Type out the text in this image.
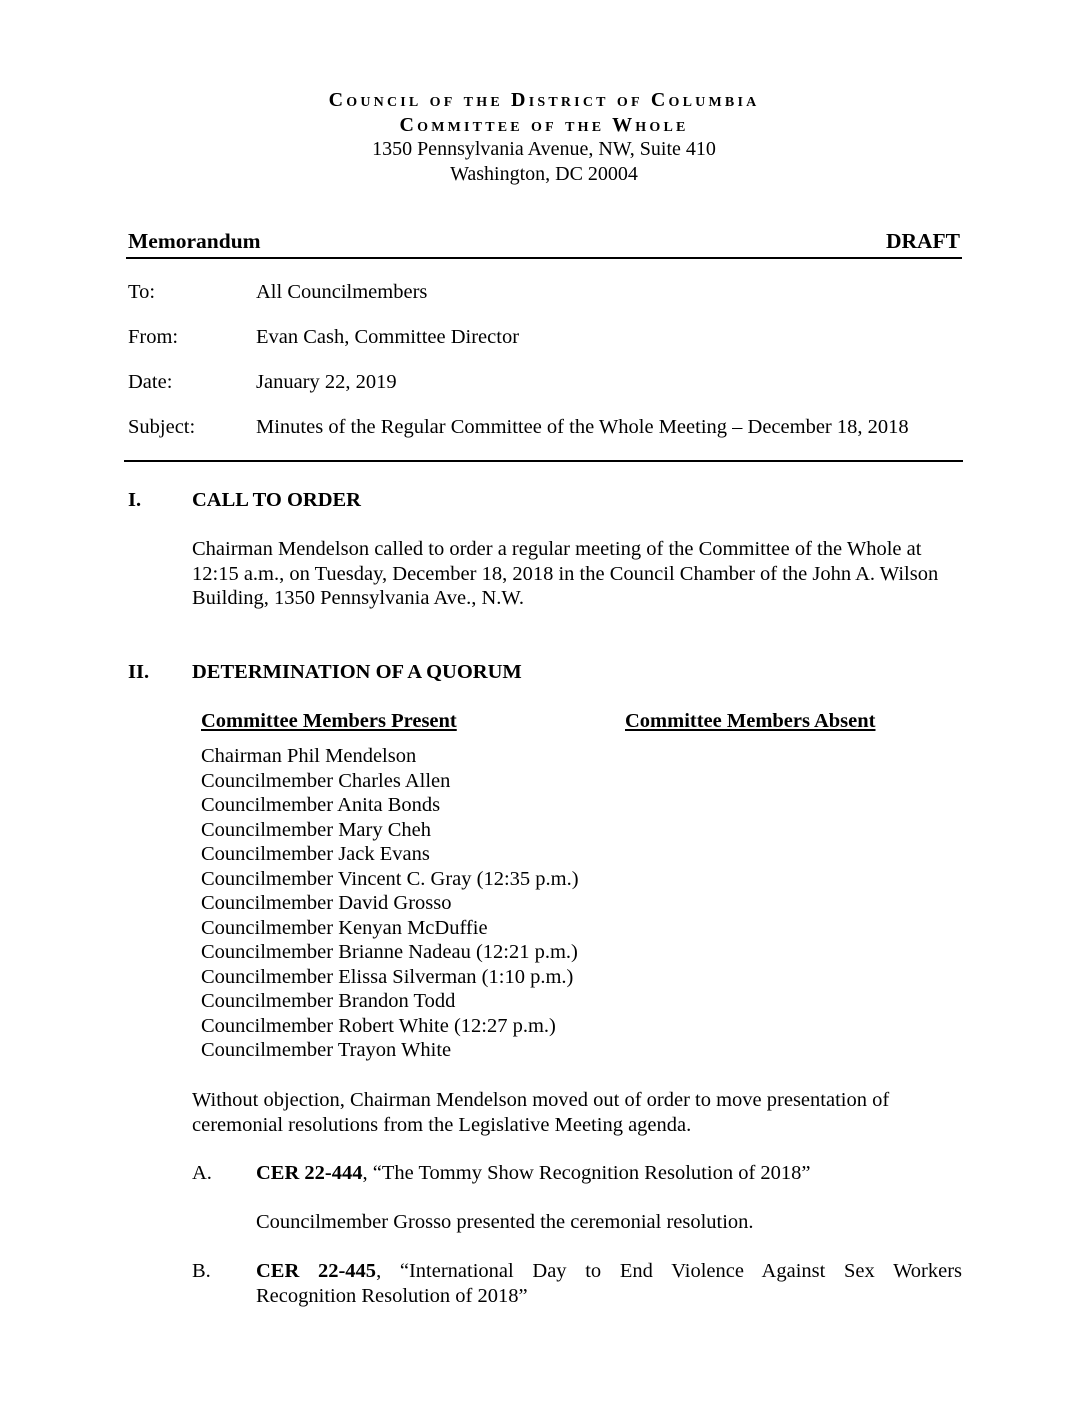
Council of the District of Columbia
Committee of the Whole
1350 Pennsylvania Avenue, NW, Suite 410
Washington, DC 20004
Memorandum	DRAFT
To:	All Councilmembers
From:	Evan Cash, Committee Director
Date:	January 22, 2019
Subject:	Minutes of the Regular Committee of the Whole Meeting – December 18, 2018
I. CALL TO ORDER
Chairman Mendelson called to order a regular meeting of the Committee of the Whole at
12:15 a.m., on Tuesday, December 18, 2018 in the Council Chamber of the John A. Wilson
Building, 1350 Pennsylvania Ave., N.W.
II. DETERMINATION OF A QUORUM
Committee Members Present	Committee Members Absent
Chairman Phil Mendelson
Councilmember Charles Allen
Councilmember Anita Bonds
Councilmember Mary Cheh
Councilmember Jack Evans
Councilmember Vincent C. Gray (12:35 p.m.)
Councilmember David Grosso
Councilmember Kenyan McDuffie
Councilmember Brianne Nadeau (12:21 p.m.)
Councilmember Elissa Silverman (1:10 p.m.)
Councilmember Brandon Todd
Councilmember Robert White (12:27 p.m.)
Councilmember Trayon White
Without objection, Chairman Mendelson moved out of order to move presentation of
ceremonial resolutions from the Legislative Meeting agenda.
A. CER 22-444, “The Tommy Show Recognition Resolution of 2018”
Councilmember Grosso presented the ceremonial resolution.
B. CER 22-445, “International Day to End Violence Against Sex Workers
Recognition Resolution of 2018”
